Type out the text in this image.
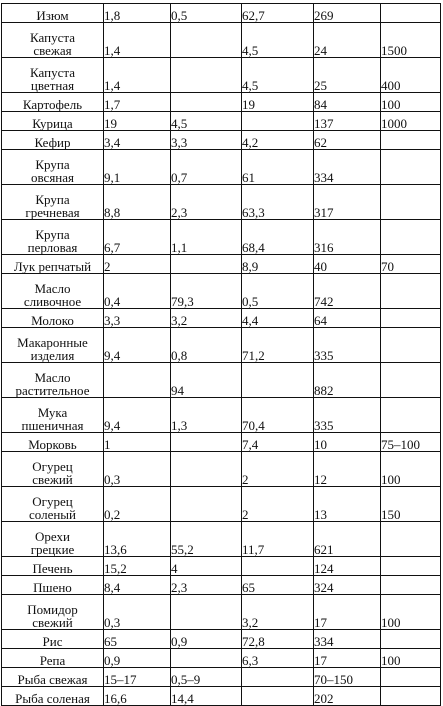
Изюм	1,8	0,5	62,7	269	

Капуста
свежая	1,4		4,5	24	1500

Капуста
цветная	1,4		4,5	25	400

Картофель	1,7		19	84	100

Курица	19	4,5		137	1000

Кефир	3,4	3,3	4,2	62	

Крупа
овсяная	9,1	0,7	61	334	

Крупа
гречневая	8,8	2,3	63,3	317	

Крупа
перловая	6,7	1,1	68,4	316	

Лук репчатый	2		8,9	40	70

Масло
сливочное	0,4	79,3	0,5	742	

Молоко	3,3	3,2	4,4	64	

Макаронные
изделия	9,4	0,8	71,2	335	

Масло
растительное		94		882	

Мука
пшеничная	9,4	1,3	70,4	335	

Морковь	1		7,4	10	75–100

Огурец
свежий	0,3		2	12	100

Огурец
соленый	0,2		2	13	150

Орехи
грецкие	13,6	55,2	11,7	621	

Печень	15,2	4		124	

Пшено	8,4	2,3	65	324	

Помидор
свежий	0,3		3,2	17	100

Рис	65	0,9	72,8	334	

Репа	0,9		6,3	17	100

Рыба свежая	15–17	0,5–9		70–150	

Рыба соленая	16,6	14,4		202	
